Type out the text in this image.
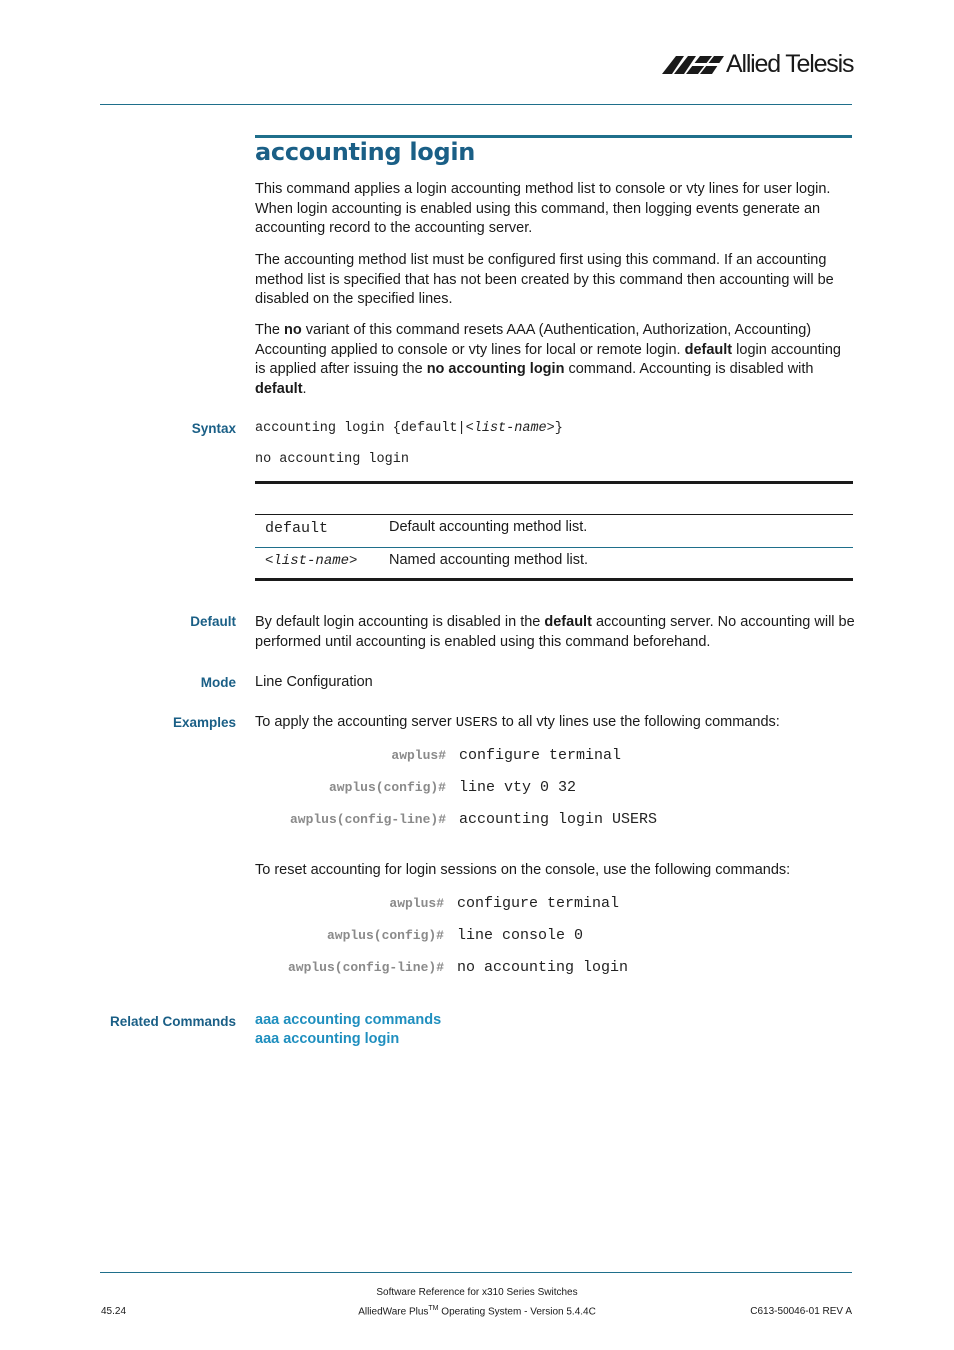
Allied Telesis
accounting login
This command applies a login accounting method list to console or vty lines for user login. When login accounting is enabled using this command, then logging events generate an accounting record to the accounting server.
The accounting method list must be configured first using this command. If an accounting method list is specified that has not been created by this command then accounting will be disabled on the specified lines.
The no variant of this command resets AAA (Authentication, Authorization, Accounting) Accounting applied to console or vty lines for local or remote login. default login accounting is applied after issuing the no accounting login command. Accounting is disabled with default.
Syntax accounting login {default|<list-name>}
no accounting login
default	Default accounting method list.
<list-name> Named accounting method list.
Default By default login accounting is disabled in the default accounting server. No accounting will be performed until accounting is enabled using this command beforehand.
Mode Line Configuration
Examples To apply the accounting server USERS to all vty lines use the following commands:
awplus# configure terminal
awplus(config)# line vty 0 32
awplus(config-line)# accounting login USERS
To reset accounting for login sessions on the console, use the following commands:
awplus# configure terminal
awplus(config)# line console 0
awplus(config-line)# no accounting login
Related Commands aaa accounting commands
aaa accounting login
Software Reference for x310 Series Switches
AlliedWare Plus™ Operating System - Version 5.4.4C
45.24	C613-50046-01 REV A
